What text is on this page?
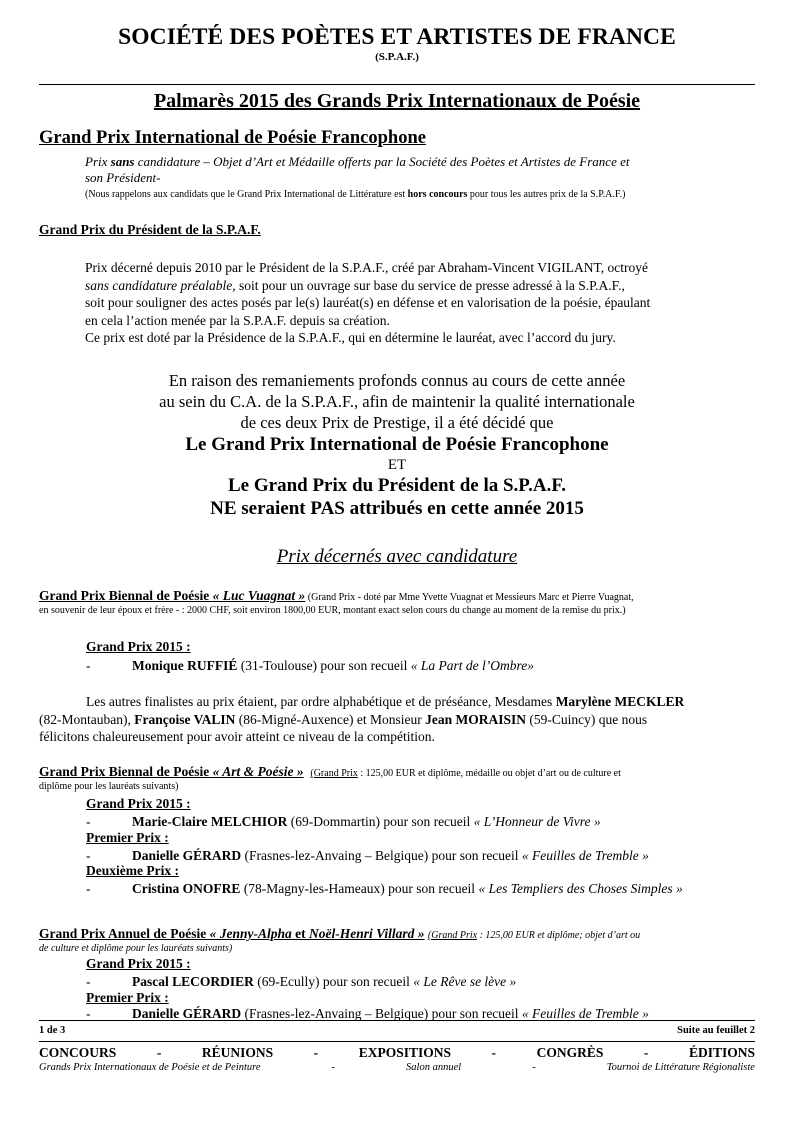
SOCIÉTÉ DES POÈTES ET ARTISTES DE FRANCE
(S.P.A.F.)
Palmarès 2015 des Grands Prix Internationaux de Poésie
Grand Prix International de Poésie Francophone
Prix sans candidature – Objet d’Art et Médaille offerts par la Société des Poètes et Artistes de France et
son Président-
(Nous rappelons aux candidats que le Grand Prix International de Littérature est hors concours pour tous les autres prix de la S.P.A.F.)
Grand Prix du Président de la S.P.A.F.
Prix décerné depuis 2010 par le Président de la S.P.A.F., créé par Abraham-Vincent VIGILANT, octroyé
sans candidature préalable, soit pour un ouvrage sur base du service de presse adressé à la S.P.A.F.,
soit pour souligner des actes posés par le(s) lauréat(s) en défense et en valorisation de la poésie, épaulant
en cela l’action menée par la S.P.A.F. depuis sa création.
Ce prix est doté par la Présidence de la S.P.A.F., qui en détermine le lauréat, avec l’accord du jury.
En raison des remaniements profonds connus au cours de cette année
au sein du C.A. de la S.P.A.F., afin de maintenir la qualité internationale
de ces deux Prix de Prestige, il a été décidé que
Le Grand Prix International de Poésie Francophone
ET
Le Grand Prix du Président de la S.P.A.F.
NE seraient PAS attribués en cette année 2015
Prix décernés avec candidature
Grand Prix Biennal de Poésie « Luc Vuagnat » (Grand Prix - doté par Mme Yvette Vuagnat et Messieurs Marc et Pierre Vuagnat,
en souvenir de leur époux et frère - : 2000 CHF, soit environ 1800,00 EUR, montant exact selon cours du change au moment de la remise du prix.)
Grand Prix 2015 :
-	Monique RUFFIÉ (31-Toulouse) pour son recueil « La Part de l’Ombre»
Les autres finalistes au prix étaient, par ordre alphabétique et de préséance, Mesdames Marylène MECKLER
(82-Montauban), Françoise VALIN (86-Migné-Auxence) et Monsieur Jean MORAISIN (59-Cuincy) que nous
félicitons chaleureusement pour avoir atteint ce niveau de la compétition.
Grand Prix Biennal de Poésie « Art & Poésie » (Grand Prix : 125,00 EUR et diplôme, médaille ou objet d’art ou de culture et
diplôme pour les lauréats suivants)
Grand Prix 2015 :
-	Marie-Claire MELCHIOR (69-Dommartin) pour son recueil « L’Honneur de Vivre »
Premier Prix :
-	Danielle GÉRARD (Frasnes-lez-Anvaing – Belgique) pour son recueil « Feuilles de Tremble »
Deuxième Prix :
-	Cristina ONOFRE (78-Magny-les-Hameaux) pour son recueil « Les Templiers des Choses Simples »
Grand Prix Annuel de Poésie « Jenny-Alpha et Noël-Henri Villard » (Grand Prix : 125,00 EUR et diplôme; objet d’art ou
de culture et diplôme pour les lauréats suivants)
Grand Prix 2015 :
-	Pascal LECORDIER (69-Ecully) pour son recueil « Le Rêve se lève »
Premier Prix :
-	Danielle GÉRARD (Frasnes-lez-Anvaing – Belgique) pour son recueil « Feuilles de Tremble »
1 de 3	Suite au feuillet 2
CONCOURS	-	RÉUNIONS	-	EXPOSITIONS	-	CONGRÈS	-	ÉDITIONS
Grands Prix Internationaux de Poésie et de Peinture	-	Salon annuel	-	Tournoi de Littérature Régionaliste
